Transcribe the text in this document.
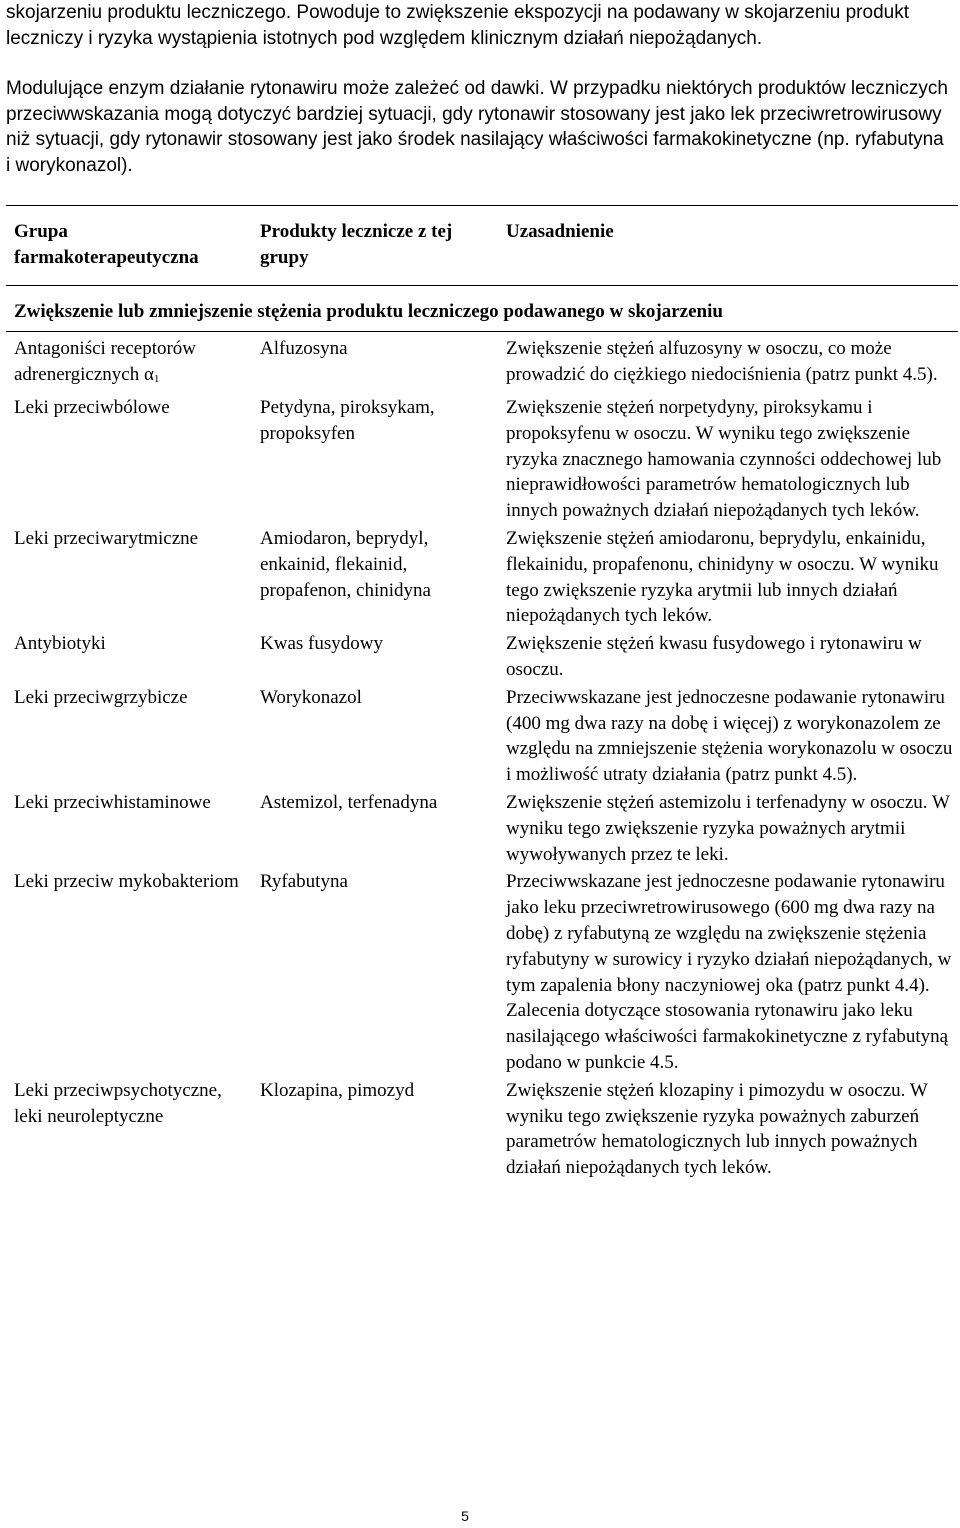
skojarzeniu produktu leczniczego. Powoduje to zwiększenie ekspozycji na podawany w skojarzeniu produkt leczniczy i ryzyka wystąpienia istotnych pod względem klinicznym działań niepożądanych.

Modulujące enzym działanie rytonawiru może zależeć od dawki. W przypadku niektórych produktów leczniczych przeciwwskazania mogą dotyczyć bardziej sytuacji, gdy rytonawir stosowany jest jako lek przeciwretrowirusowy niż sytuacji, gdy rytonawir stosowany jest jako środek nasilający właściwości farmakokinetyczne (np. ryfabutyna i worykonazol).

Grupa farmakoterapeutyczna	Produkty lecznicze z tej grupy	Uzasadnienie
Zwiększenie lub zmniejszenie stężenia produktu leczniczego podawanego w skojarzeniu		
Antagoniści receptorów adrenergicznych α1	Alfuzosyna	Zwiększenie stężeń alfuzosyny w osoczu, co może prowadzić do ciężkiego niedociśnienia (patrz punkt 4.5).
Leki przeciwbólowe	Petydyna, piroksykam, propoksyfen	Zwiększenie stężeń norpetydyny, piroksykamu i propoksyfenu w osoczu. W wyniku tego zwiększenie ryzyka znacznego hamowania czynności oddechowej lub nieprawidłowości parametrów hematologicznych lub innych poważnych działań niepożądanych tych leków.
Leki przeciwarytmiczne	Amiodaron, beprydyl, enkainid, flekainid, propafenon, chinidyna	Zwiększenie stężeń amiodaronu, beprydylu, enkainidu, flekainidu, propafenonu, chinidyny w osoczu. W wyniku tego zwiększenie ryzyka arytmii lub innych działań niepożądanych tych leków.
Antybiotyki	Kwas fusydowy	Zwiększenie stężeń kwasu fusydowego i rytonawiru w osoczu.
Leki przeciwgrzybicze	Worykonazol	Przeciwwskazane jest jednoczesne podawanie rytonawiru (400 mg dwa razy na dobę i więcej) z worykonazolem ze względu na zmniejszenie stężenia worykonazolu w osoczu i możliwość utraty działania (patrz punkt 4.5).
Leki przeciwhistaminowe	Astemizol, terfenadyna	Zwiększenie stężeń astemizolu i terfenadyny w osoczu. W wyniku tego zwiększenie ryzyka poważnych arytmii wywoływanych przez te leki.
Leki przeciw mykobakteriom	Ryfabutyna	Przeciwwskazane jest jednoczesne podawanie rytonawiru jako leku przeciwretrowirusowego (600 mg dwa razy na dobę) z ryfabutyną ze względu na zwiększenie stężenia ryfabutyny w surowicy i ryzyko działań niepożądanych, w tym zapalenia błony naczyniowej oka (patrz punkt 4.4).
Zalecenia dotyczące stosowania rytonawiru jako leku nasilającego właściwości farmakokinetyczne z ryfabutyną podano w punkcie 4.5.
Leki przeciwpsychotyczne, leki neuroleptyczne	Klozapina, pimozyd	Zwiększenie stężeń klozapiny i pimozydu w osoczu. W wyniku tego zwiększenie ryzyka poważnych zaburzeń parametrów hematologicznych lub innych poważnych działań niepożądanych tych leków.
5
